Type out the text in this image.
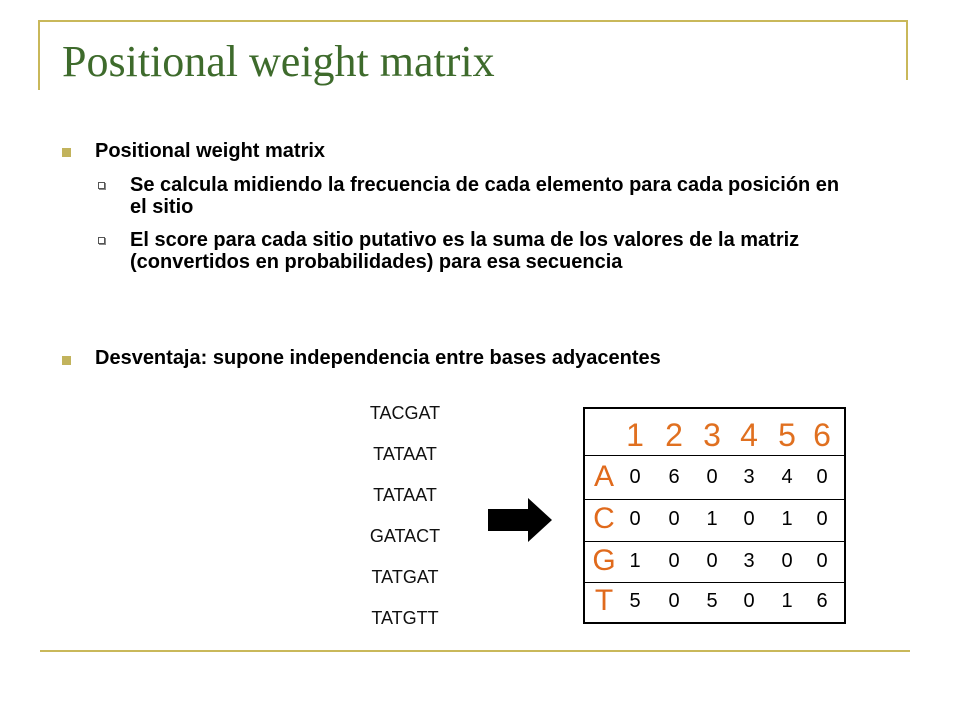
Positional weight matrix
Positional weight matrix
Se calcula midiendo la frecuencia de cada elemento para cada posición en el sitio
El score para cada sitio putativo es la suma de los valores de la matriz (convertidos en probabilidades) para esa secuencia
Desventaja: supone independencia entre bases adyacentes
TACGAT
TATAAT
TATAAT
GATACT
TATGAT
TATGTT
1 2 3 4 5 6
A 0	6	0	3	4	0
C 0	0	1	0	1	0
G 1	0	0	3	0	0
T 5	0	5	0	1	6
